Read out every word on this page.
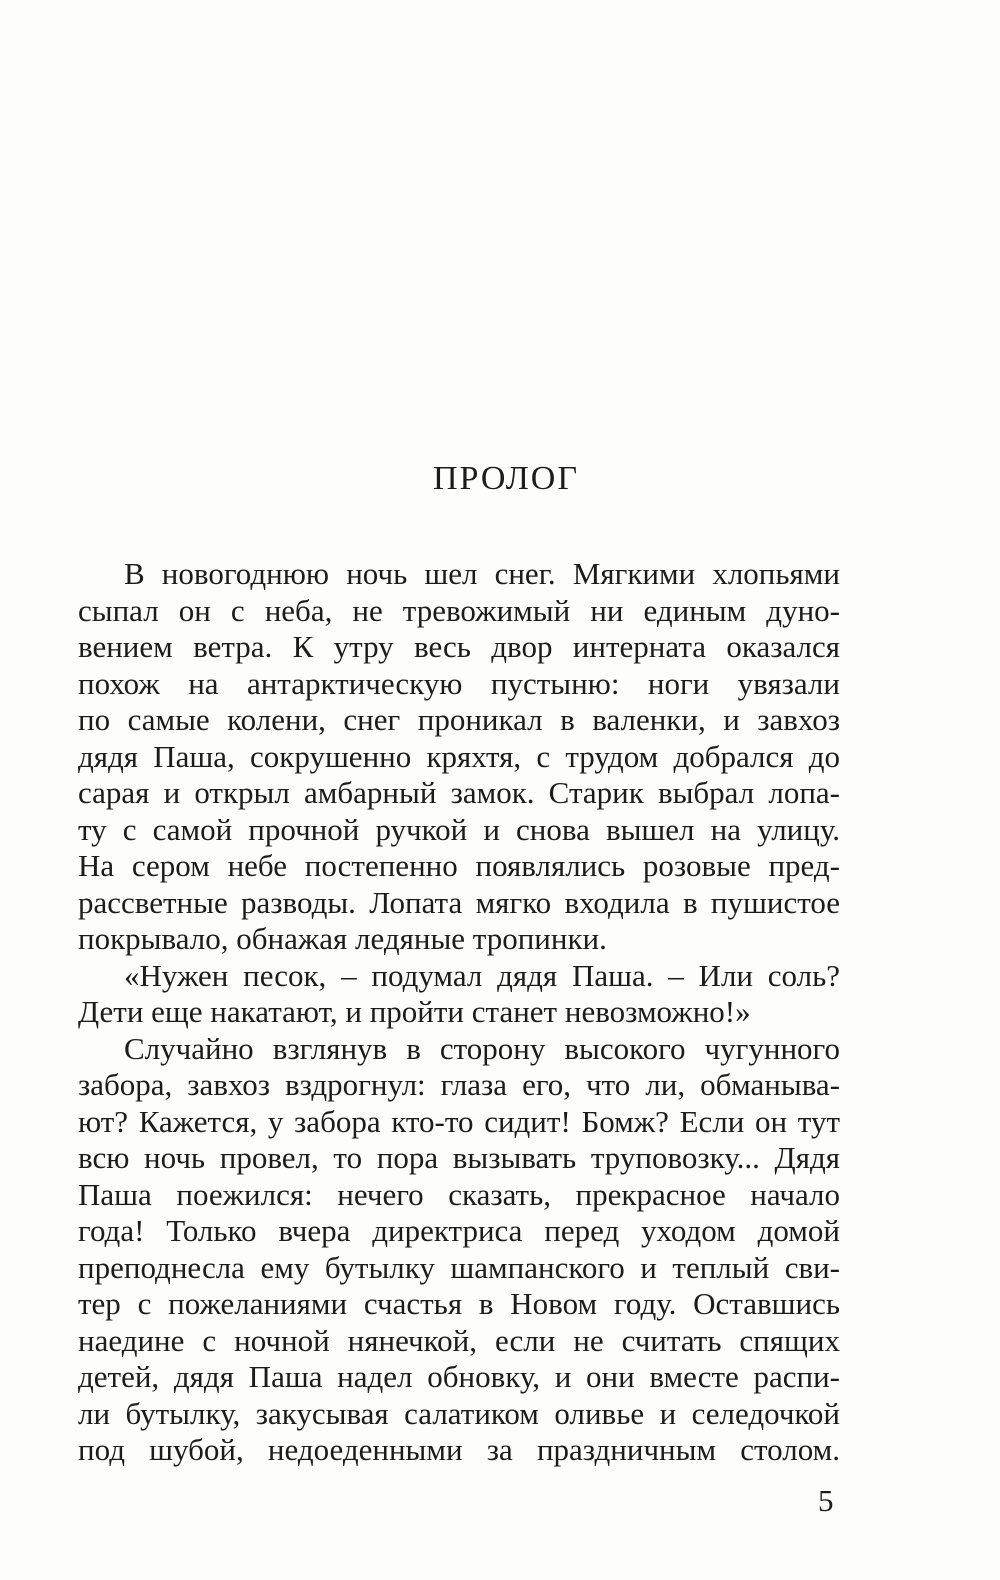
ПРОЛОГ
В новогоднюю ночь шел снег. Мягкими хлопьями
сыпал он с неба, не тревожимый ни единым дуно-
вением ветра. К утру весь двор интерната оказался
похож на антарктическую пустыню: ноги увязали
по самые колени, снег проникал в валенки, и завхоз
дядя Паша, сокрушенно кряхтя, с трудом добрался до
сарая и открыл амбарный замок. Старик выбрал лопа-
ту с самой прочной ручкой и снова вышел на улицу.
На сером небе постепенно появлялись розовые пред-
рассветные разводы. Лопата мягко входила в пушистое
покрывало, обнажая ледяные тропинки.
«Нужен песок, – подумал дядя Паша. – Или соль?
Дети еще накатают, и пройти станет невозможно!»
Случайно взглянув в сторону высокого чугунного
забора, завхоз вздрогнул: глаза его, что ли, обманыва-
ют? Кажется, у забора кто-то сидит! Бомж? Если он тут
всю ночь провел, то пора вызывать труповозку... Дядя
Паша поежился: нечего сказать, прекрасное начало
года! Только вчера директриса перед уходом домой
преподнесла ему бутылку шампанского и теплый сви-
тер с пожеланиями счастья в Новом году. Оставшись
наедине с ночной нянечкой, если не считать спящих
детей, дядя Паша надел обновку, и они вместе распи-
ли бутылку, закусывая салатиком оливье и селедочкой
под шубой, недоеденными за праздничным столом.
5
